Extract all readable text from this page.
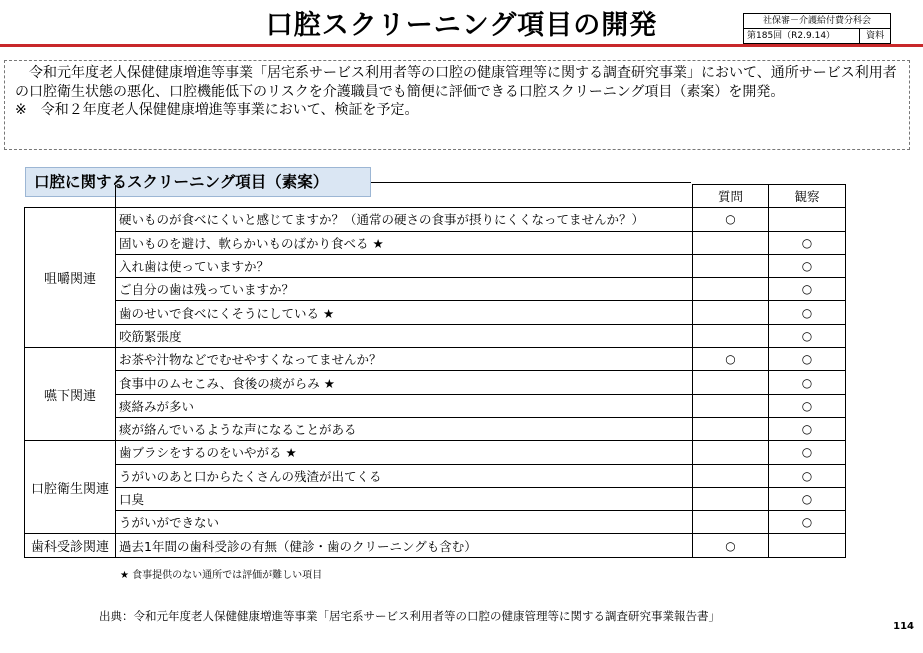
口腔スクリーニング項目の開発	社保審－介護給付費分科会
第185回（R2.9.14）	資料

令和元年度老人保健健康増進等事業「居宅系サービス利用者等の口腔の健康管理等に関する調査研究事業」において、通所サービス利用者の口腔衛生状態の悪化、口腔機能低下のリスクを介護職員でも簡便に評価できる口腔スクリーニング項目（素案）を開発。

※　令和２年度老人保健健康増進等事業において、検証を予定。

口腔に関するスクリーニング項目（素案）
		質問	観察
咀嚼関連	硬いものが食べにくいと感じてますか？（通常の硬さの食事が摂りにくくなってませんか？）	○	
	固いものを避け、軟らかいものばかり食べる ★		○
	入れ歯は使っていますか？		○
	ご自分の歯は残っていますか？		○
	歯のせいで食べにくそうにしている ★		○
	咬筋緊張度		○
嚥下関連	お茶や汁物などでむせやすくなってませんか？	○	○
	食事中のムセこみ、食後の痰がらみ ★		○
	痰絡みが多い		○
	痰が絡んでいるような声になることがある		○
口腔衛生関連	歯ブラシをするのをいやがる ★		○
	うがいのあと口からたくさんの残渣が出てくる		○
	口臭		○
	うがいができない		○
歯科受診関連	過去1年間の歯科受診の有無（健診・歯のクリーニングも含む）	○	
★ 食事提供のない通所では評価が難しい項目
出典：令和元年度老人保健健康増進等事業「居宅系サービス利用者等の口腔の健康管理等に関する調査研究事業報告書」
114
